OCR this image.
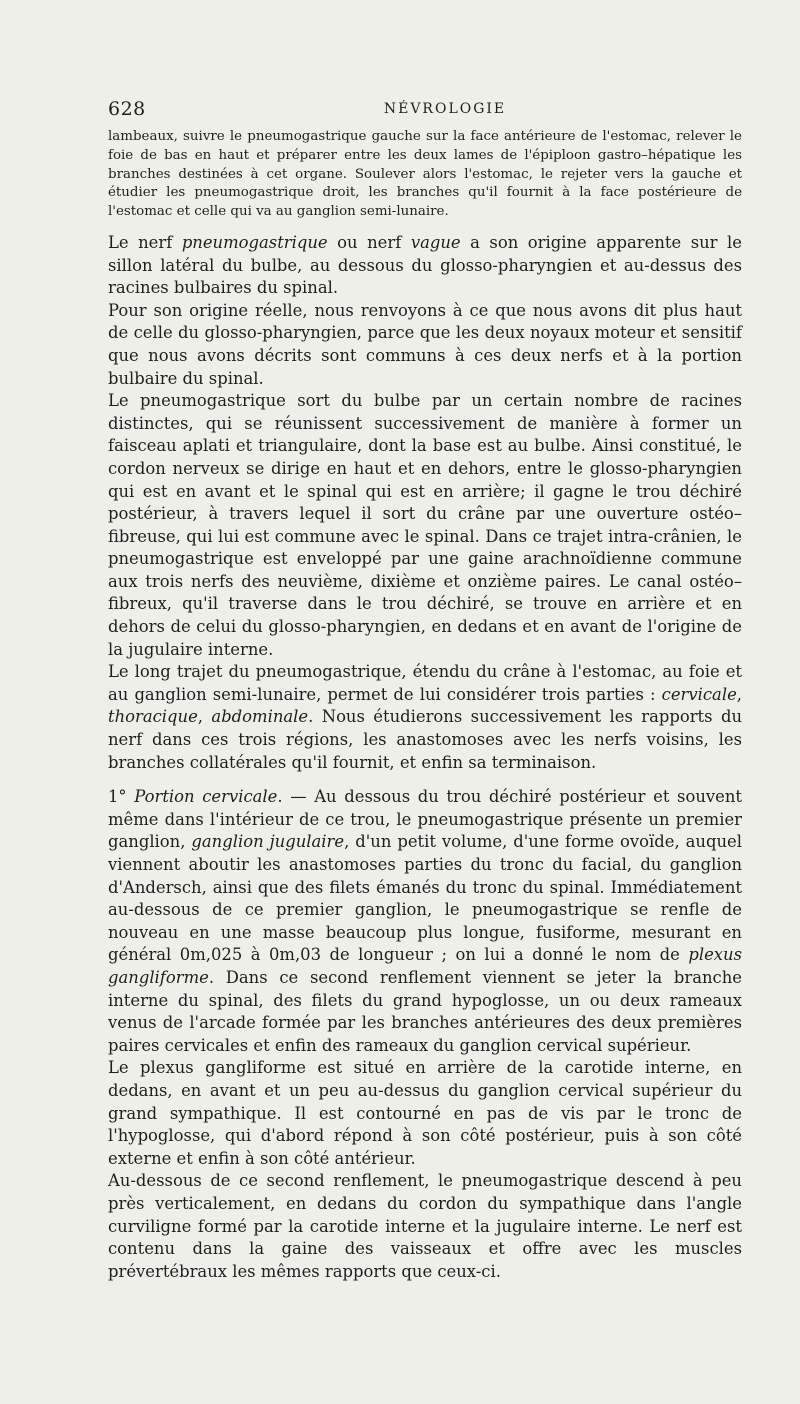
628	NÉVROLOGIE

lambeaux, suivre le pneumogastrique gauche sur la face antérieure de l'estomac, relever le foie de bas en haut et préparer entre les deux lames de l'épiploon gastro–hépatique les branches destinées à cet organe. Soulever alors l'estomac, le rejeter vers la gauche et étudier les pneumogastrique droit, les branches qu'il fournit à la face postérieure de l'estomac et celle qui va au ganglion semi-lunaire.

Le nerf pneumogastrique ou nerf vague a son origine apparente sur le sillon latéral du bulbe, au dessous du glosso-pharyngien et au-dessus des racines bulbaires du spinal.

Pour son origine réelle, nous renvoyons à ce que nous avons dit plus haut de celle du glosso-pharyngien, parce que les deux noyaux moteur et sensitif que nous avons décrits sont communs à ces deux nerfs et à la portion bulbaire du spinal.

Le pneumogastrique sort du bulbe par un certain nombre de racines distinctes, qui se réunissent successivement de manière à former un faisceau aplati et triangulaire, dont la base est au bulbe. Ainsi constitué, le cordon nerveux se dirige en haut et en dehors, entre le glosso-pharyngien qui est en avant et le spinal qui est en arrière; il gagne le trou déchiré postérieur, à travers lequel il sort du crâne par une ouverture ostéo–fibreuse, qui lui est commune avec le spinal. Dans ce trajet intra-crânien, le pneumogastrique est enveloppé par une gaine arachnoïdienne commune aux trois nerfs des neuvième, dixième et onzième paires. Le canal ostéo–fibreux, qu'il traverse dans le trou déchiré, se trouve en arrière et en dehors de celui du glosso-pharyngien, en dedans et en avant de l'origine de la jugulaire interne.

Le long trajet du pneumogastrique, étendu du crâne à l'estomac, au foie et au ganglion semi-lunaire, permet de lui considérer trois parties : cervicale, thoracique, abdominale. Nous étudierons successivement les rapports du nerf dans ces trois régions, les anastomoses avec les nerfs voisins, les branches collatérales qu'il fournit, et enfin sa terminaison.

1° Portion cervicale. — Au dessous du trou déchiré postérieur et souvent même dans l'intérieur de ce trou, le pneumogastrique présente un premier ganglion, ganglion jugulaire, d'un petit volume, d'une forme ovoïde, auquel viennent aboutir les anastomoses parties du tronc du facial, du ganglion d'Andersch, ainsi que des filets émanés du tronc du spinal. Immédiatement au-dessous de ce premier ganglion, le pneumogastrique se renfle de nouveau en une masse beaucoup plus longue, fusiforme, mesurant en général 0m,025 à 0m,03 de longueur ; on lui a donné le nom de plexus gangliforme. Dans ce second renflement viennent se jeter la branche interne du spinal, des filets du grand hypoglosse, un ou deux rameaux venus de l'arcade formée par les branches antérieures des deux premières paires cervicales et enfin des rameaux du ganglion cervical supérieur.

Le plexus gangliforme est situé en arrière de la carotide interne, en dedans, en avant et un peu au-dessus du ganglion cervical supérieur du grand sympathique. Il est contourné en pas de vis par le tronc de l'hypoglosse, qui d'abord répond à son côté postérieur, puis à son côté externe et enfin à son côté antérieur.

Au-dessous de ce second renflement, le pneumogastrique descend à peu près verticalement, en dedans du cordon du sympathique dans l'angle curviligne formé par la carotide interne et la jugulaire interne. Le nerf est contenu dans la gaine des vaisseaux et offre avec les muscles prévertébraux les mêmes rapports que ceux-ci.
